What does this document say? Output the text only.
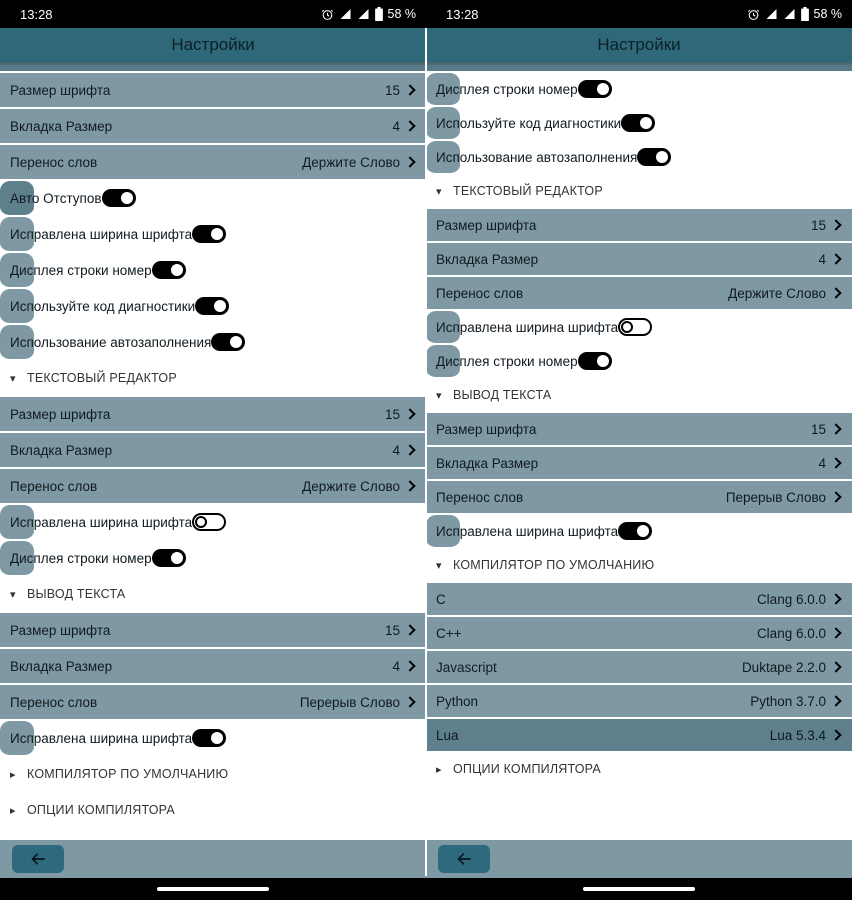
13:28	58 %
Настройки
Размер шрифта	15
Вкладка Размер	4
Перенос слов	Держите Слово
Авто Отступов
Исправлена ширина шрифта
Дисплея строки номер
Используйте код диагностики
Использование автозаполнения
▾ ТЕКСТОВЫЙ РЕДАКТОР
Размер шрифта	15
Вкладка Размер	4
Перенос слов	Держите Слово
Исправлена ширина шрифта
Дисплея строки номер
▾ ВЫВОД ТЕКСТА
Размер шрифта	15
Вкладка Размер	4
Перенос слов	Перерыв Слово
Исправлена ширина шрифта
▸ КОМПИЛЯТОР ПО УМОЛЧАНИЮ
▸ ОПЦИИ КОМПИЛЯТОРА
13:28	58 %
Настройки
Дисплея строки номер
Используйте код диагностики
Использование автозаполнения
▾ ТЕКСТОВЫЙ РЕДАКТОР
Размер шрифта	15
Вкладка Размер	4
Перенос слов	Держите Слово
Исправлена ширина шрифта
Дисплея строки номер
▾ ВЫВОД ТЕКСТА
Размер шрифта	15
Вкладка Размер	4
Перенос слов	Перерыв Слово
Исправлена ширина шрифта
▾ КОМПИЛЯТОР ПО УМОЛЧАНИЮ
C	Clang 6.0.0
C++	Clang 6.0.0
Javascript	Duktape 2.2.0
Python	Python 3.7.0
Lua	Lua 5.3.4
▸ ОПЦИИ КОМПИЛЯТОРА
